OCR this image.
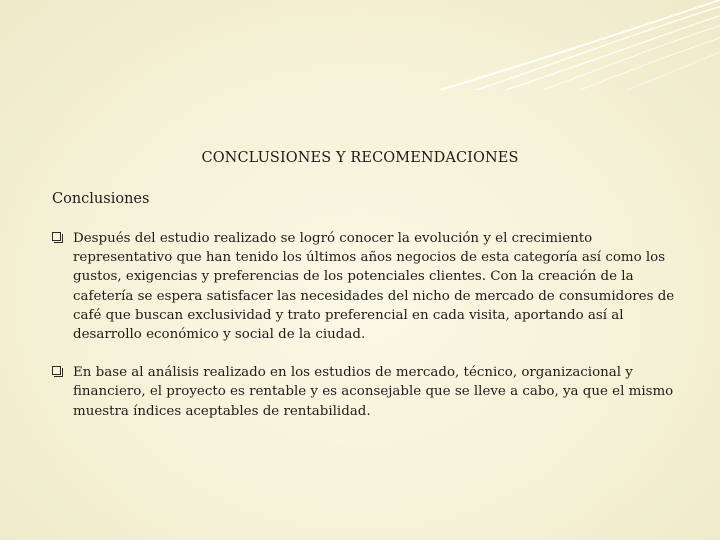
CONCLUSIONES Y RECOMENDACIONES
Conclusiones
Después del estudio realizado se logró conocer la evolución y el crecimiento representativo que han tenido los últimos años negocios de esta categoría así como los gustos, exigencias y preferencias de los potenciales clientes. Con la creación de la cafetería se espera satisfacer las necesidades del nicho de mercado de consumidores de café que buscan exclusividad y trato preferencial en cada visita, aportando así al desarrollo económico y social de la ciudad.
En base al análisis realizado en los estudios de mercado, técnico, organizacional y financiero, el proyecto es rentable y es aconsejable que se lleve a cabo, ya que el mismo muestra índices aceptables de rentabilidad.
